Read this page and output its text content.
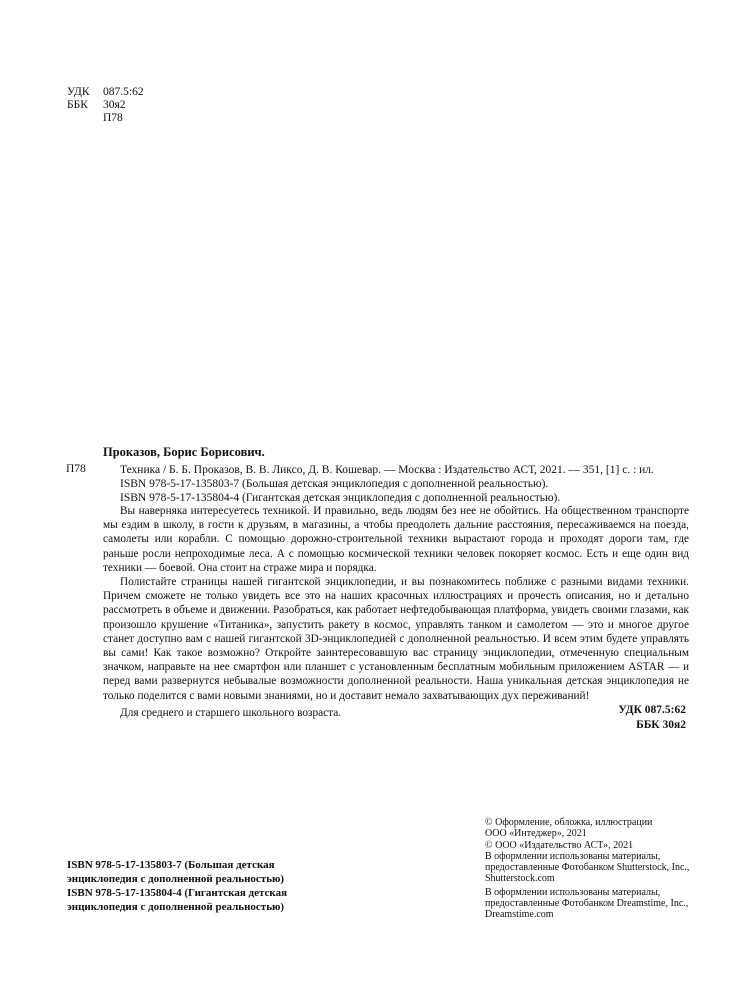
УДК 087.5:62
ББК 30я2
П78
Проказов, Борис Борисович.
П78	Техника / Б. Б. Проказов, В. В. Ликсо, Д. В. Кошевар. — Москва : Издательство АСТ, 2021. — 351, [1] с. : ил.
ISBN 978-5-17-135803-7 (Большая детская энциклопедия с дополненной реальностью).
ISBN 978-5-17-135804-4 (Гигантская детская энциклопедия с дополненной реальностью).

Вы наверняка интересуетесь техникой. И правильно, ведь людям без нее не обойтись. На общественном транспорте мы ездим в школу, в гости к друзьям, в магазины, а чтобы преодолеть дальние расстояния, пересаживаемся на поезда, самолеты или корабли. С помощью дорожно-строительной техники вырастают города и проходят дороги там, где раньше росли непроходимые леса. А с помощью космической техники человек покоряет космос. Есть и еще один вид техники — боевой. Она стоит на страже мира и порядка.

Полистайте страницы нашей гигантской энциклопедии, и вы познакомитесь поближе с разными видами техники. Причем сможете не только увидеть все это на наших красочных иллюстрациях и прочесть описания, но и детально рассмотреть в объеме и движении. Разобраться, как работает нефтедобывающая платформа, увидеть своими глазами, как произошло крушение «Титаника», запустить ракету в космос, управлять танком и самолетом — это и многое другое станет доступно вам с нашей гигантской 3D-энциклопедией с дополненной реальностью. И всем этим будете управлять вы сами! Как такое возможно? Откройте заинтересовавшую вас страницу энциклопедии, отмеченную специальным значком, направьте на нее смартфон или планшет с установленным бесплатным мобильным приложением ASTAR — и перед вами развернутся небывалые возможности дополненной реальности. Наша уникальная детская энциклопедия не только поделится с вами новыми знаниями, но и доставит немало захватывающих дух переживаний!

Для среднего и старшего школьного возраста.	УДК 087.5:62
ББК 30я2
ISBN 978-5-17-135803-7 (Большая детская
энциклопедия с дополненной реальностью)
ISBN 978-5-17-135804-4 (Гигантская детская
энциклопедия с дополненной реальностью)
© Оформление, обложка, иллюстрации
ООО «Интеджер», 2021
© ООО «Издательство АСТ», 2021
В оформлении использованы материалы,
предоставленные Фотобанком Shutterstock, Inc.,
Shutterstock.com
В оформлении использованы материалы,
предоставленные Фотобанком Dreamstime, Inc.,
Dreamstime.com
